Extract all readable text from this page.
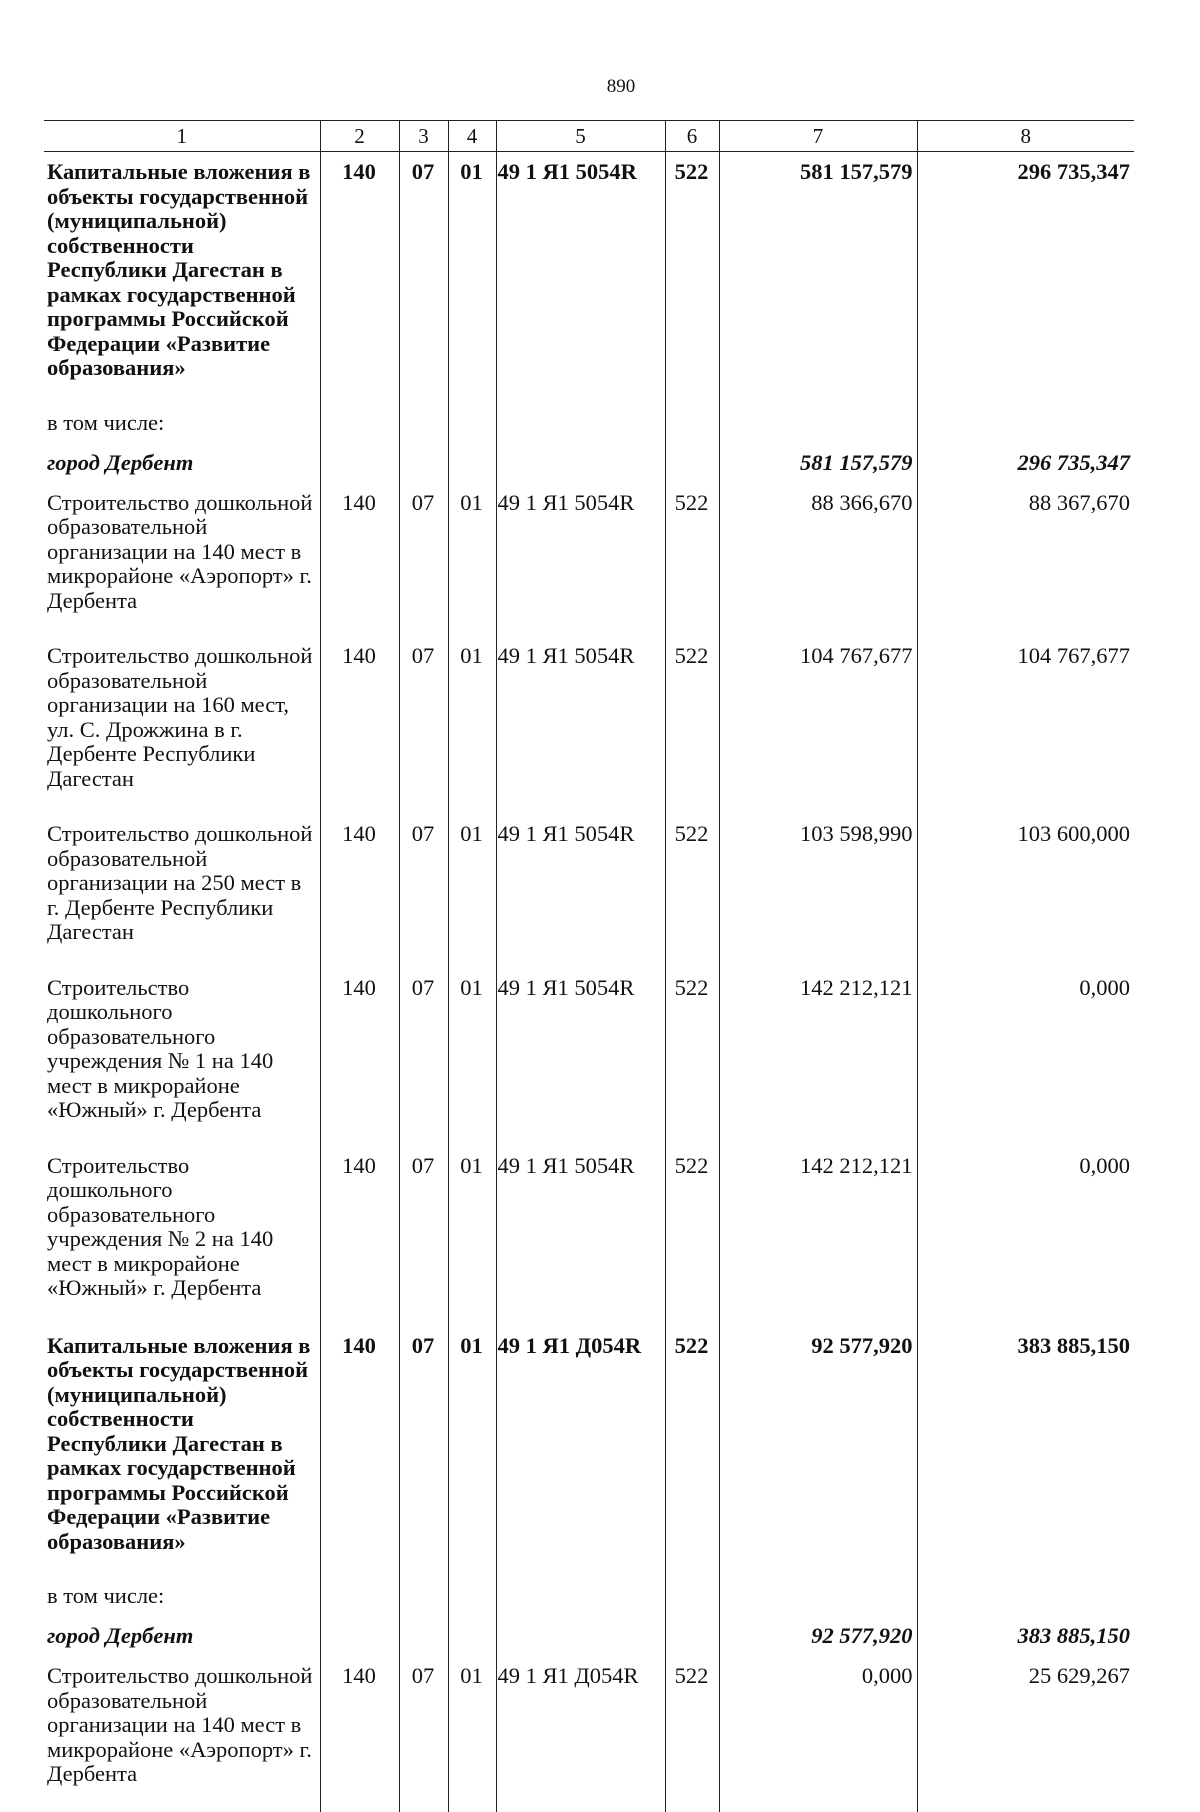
890
1	2	3	4	5	6	7	8
Капитальные вложения в объекты государственной (муниципальной) собственности Республики Дагестан в рамках государственной программы Российской Федерации «Развитие образования»	140	07	01	49 1 Я1 5054R	522	581 157,579	296 735,347
в том числе:							
город Дербент						581 157,579	296 735,347
Строительство дошкольной образовательной организации на 140 мест в микрорайоне «Аэропорт» г. Дербента	140	07	01	49 1 Я1 5054R	522	88 366,670	88 367,670
Строительство дошкольной образовательной организации на 160 мест, ул. С. Дрожжина в г. Дербенте Республики Дагестан	140	07	01	49 1 Я1 5054R	522	104 767,677	104 767,677
Строительство дошкольной образовательной организации на 250 мест в г. Дербенте Республики Дагестан	140	07	01	49 1 Я1 5054R	522	103 598,990	103 600,000
Строительство дошкольного образовательного учреждения № 1 на 140 мест в микрорайоне «Южный» г. Дербента	140	07	01	49 1 Я1 5054R	522	142 212,121	0,000
Строительство дошкольного образовательного учреждения № 2 на 140 мест в микрорайоне «Южный» г. Дербента	140	07	01	49 1 Я1 5054R	522	142 212,121	0,000
Капитальные вложения в объекты государственной (муниципальной) собственности Республики Дагестан в рамках государственной программы Российской Федерации «Развитие образования»	140	07	01	49 1 Я1 Д054R	522	92 577,920	383 885,150
в том числе:							
город Дербент						92 577,920	383 885,150
Строительство дошкольной образовательной организации на 140 мест в микрорайоне «Аэропорт» г. Дербента	140	07	01	49 1 Я1 Д054R	522	0,000	25 629,267
